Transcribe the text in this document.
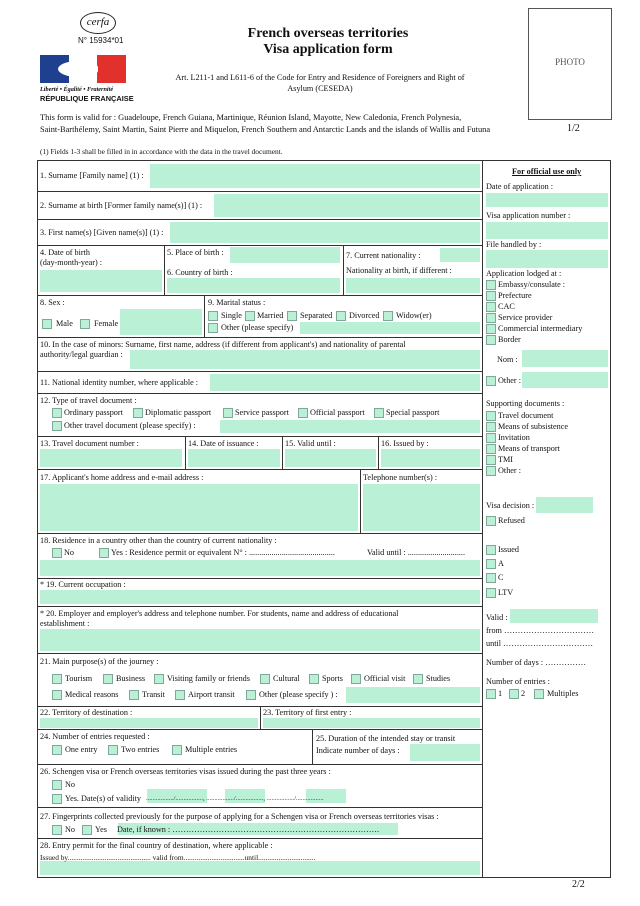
cerfa
N° 15934*01
Liberté • Égalité • Fraternité
RÉPUBLIQUE FRANÇAISE
French overseas territories
Visa application form
Art. L211-1 and L611-6 of the Code for Entry and Residence of Foreigners and Right of Asylum (CESEDA)
PHOTO
This form is valid for : Guadeloupe, French Guiana, Martinique, Réunion Island, Mayotte, New Caledonia, French Polynesia,
Saint-Barthélemy, Saint Martin, Saint Pierre and Miquelon, French Southern and Antarctic Lands and the islands of Wallis and Futuna	1/2
(1) Fields 1-3 shall be filled in in accordance with the data in the travel document.
1. Surname [Family name] (1) :
2. Surname at birth [Former family name(s)] (1) :
3. First name(s) [Given name(s)] (1) :
4. Date of birth
(day-month-year) :
5. Place of birth :
6. Country of birth :
7. Current nationality :
Nationality at birth, if different :
8. Sex :
Male	Female
9. Marital status :
Single Married Separated Divorced Widow(er)
Other (please specify)
10. In the case of minors: Surname, first name, address (if different from applicant's) and nationality of parental
authority/legal guardian :
11. National identity number, where applicable :
12. Type of travel document :
Ordinary passport	Diplomatic passport	Service passport	Official passport	Special passport
Other travel document (please specify) :
13. Travel document number :	14. Date of issuance :	15. Valid until :	16. Issued by :
17. Applicant's home address and e-mail address :	Telephone number(s) :
18. Residence in a country other than the country of current nationality :
No	Yes : Residence permit or equivalent N° : ..........................................	Valid until : ............................
* 19. Current occupation :
* 20. Employer and employer's address and telephone number. For students, name and address of educational
establishment :
21. Main purpose(s) of the journey :
Tourism	Business	Visiting family or friends	Cultural	Sports	Official visit	Studies
Medical reasons	Transit	Airport transit	Other (please specify ) :
22. Territory of destination :	23. Territory of first entry :
24. Number of entries requested :
One entry	Two entries	Multiple entries
25. Duration of the intended stay or transit
Indicate number of days :
26. Schengen visa or French overseas territories visas issued during the past three years :
No
Yes. Date(s) of validity ................./................., ................./................., ................./.................
27. Fingerprints collected previously for the purpose of applying for a Schengen visa or French overseas territories visas :
No Yes Date, if known : ………………………………………………………………….
28. Entry permit for the final country of destination, where applicable :
Issued by............................................. valid from.................................until...............................
For official use only
Date of application :
Visa application number :
File handled by :
Application lodged at :
Embassy/consulate :
Prefecture
CAC
Service provider
Commercial intermediary
Border
Nom :
Other :
Supporting documents :
Travel document
Means of subsistence
Invitation
Means of transport
TMI
Other :
Visa decision :
Refused
Issued
A
C
LTV
Valid :
from ……………………………
until ……………………………
Number of days : ……………
Number of entries :
1 2	Multiples
2/2
